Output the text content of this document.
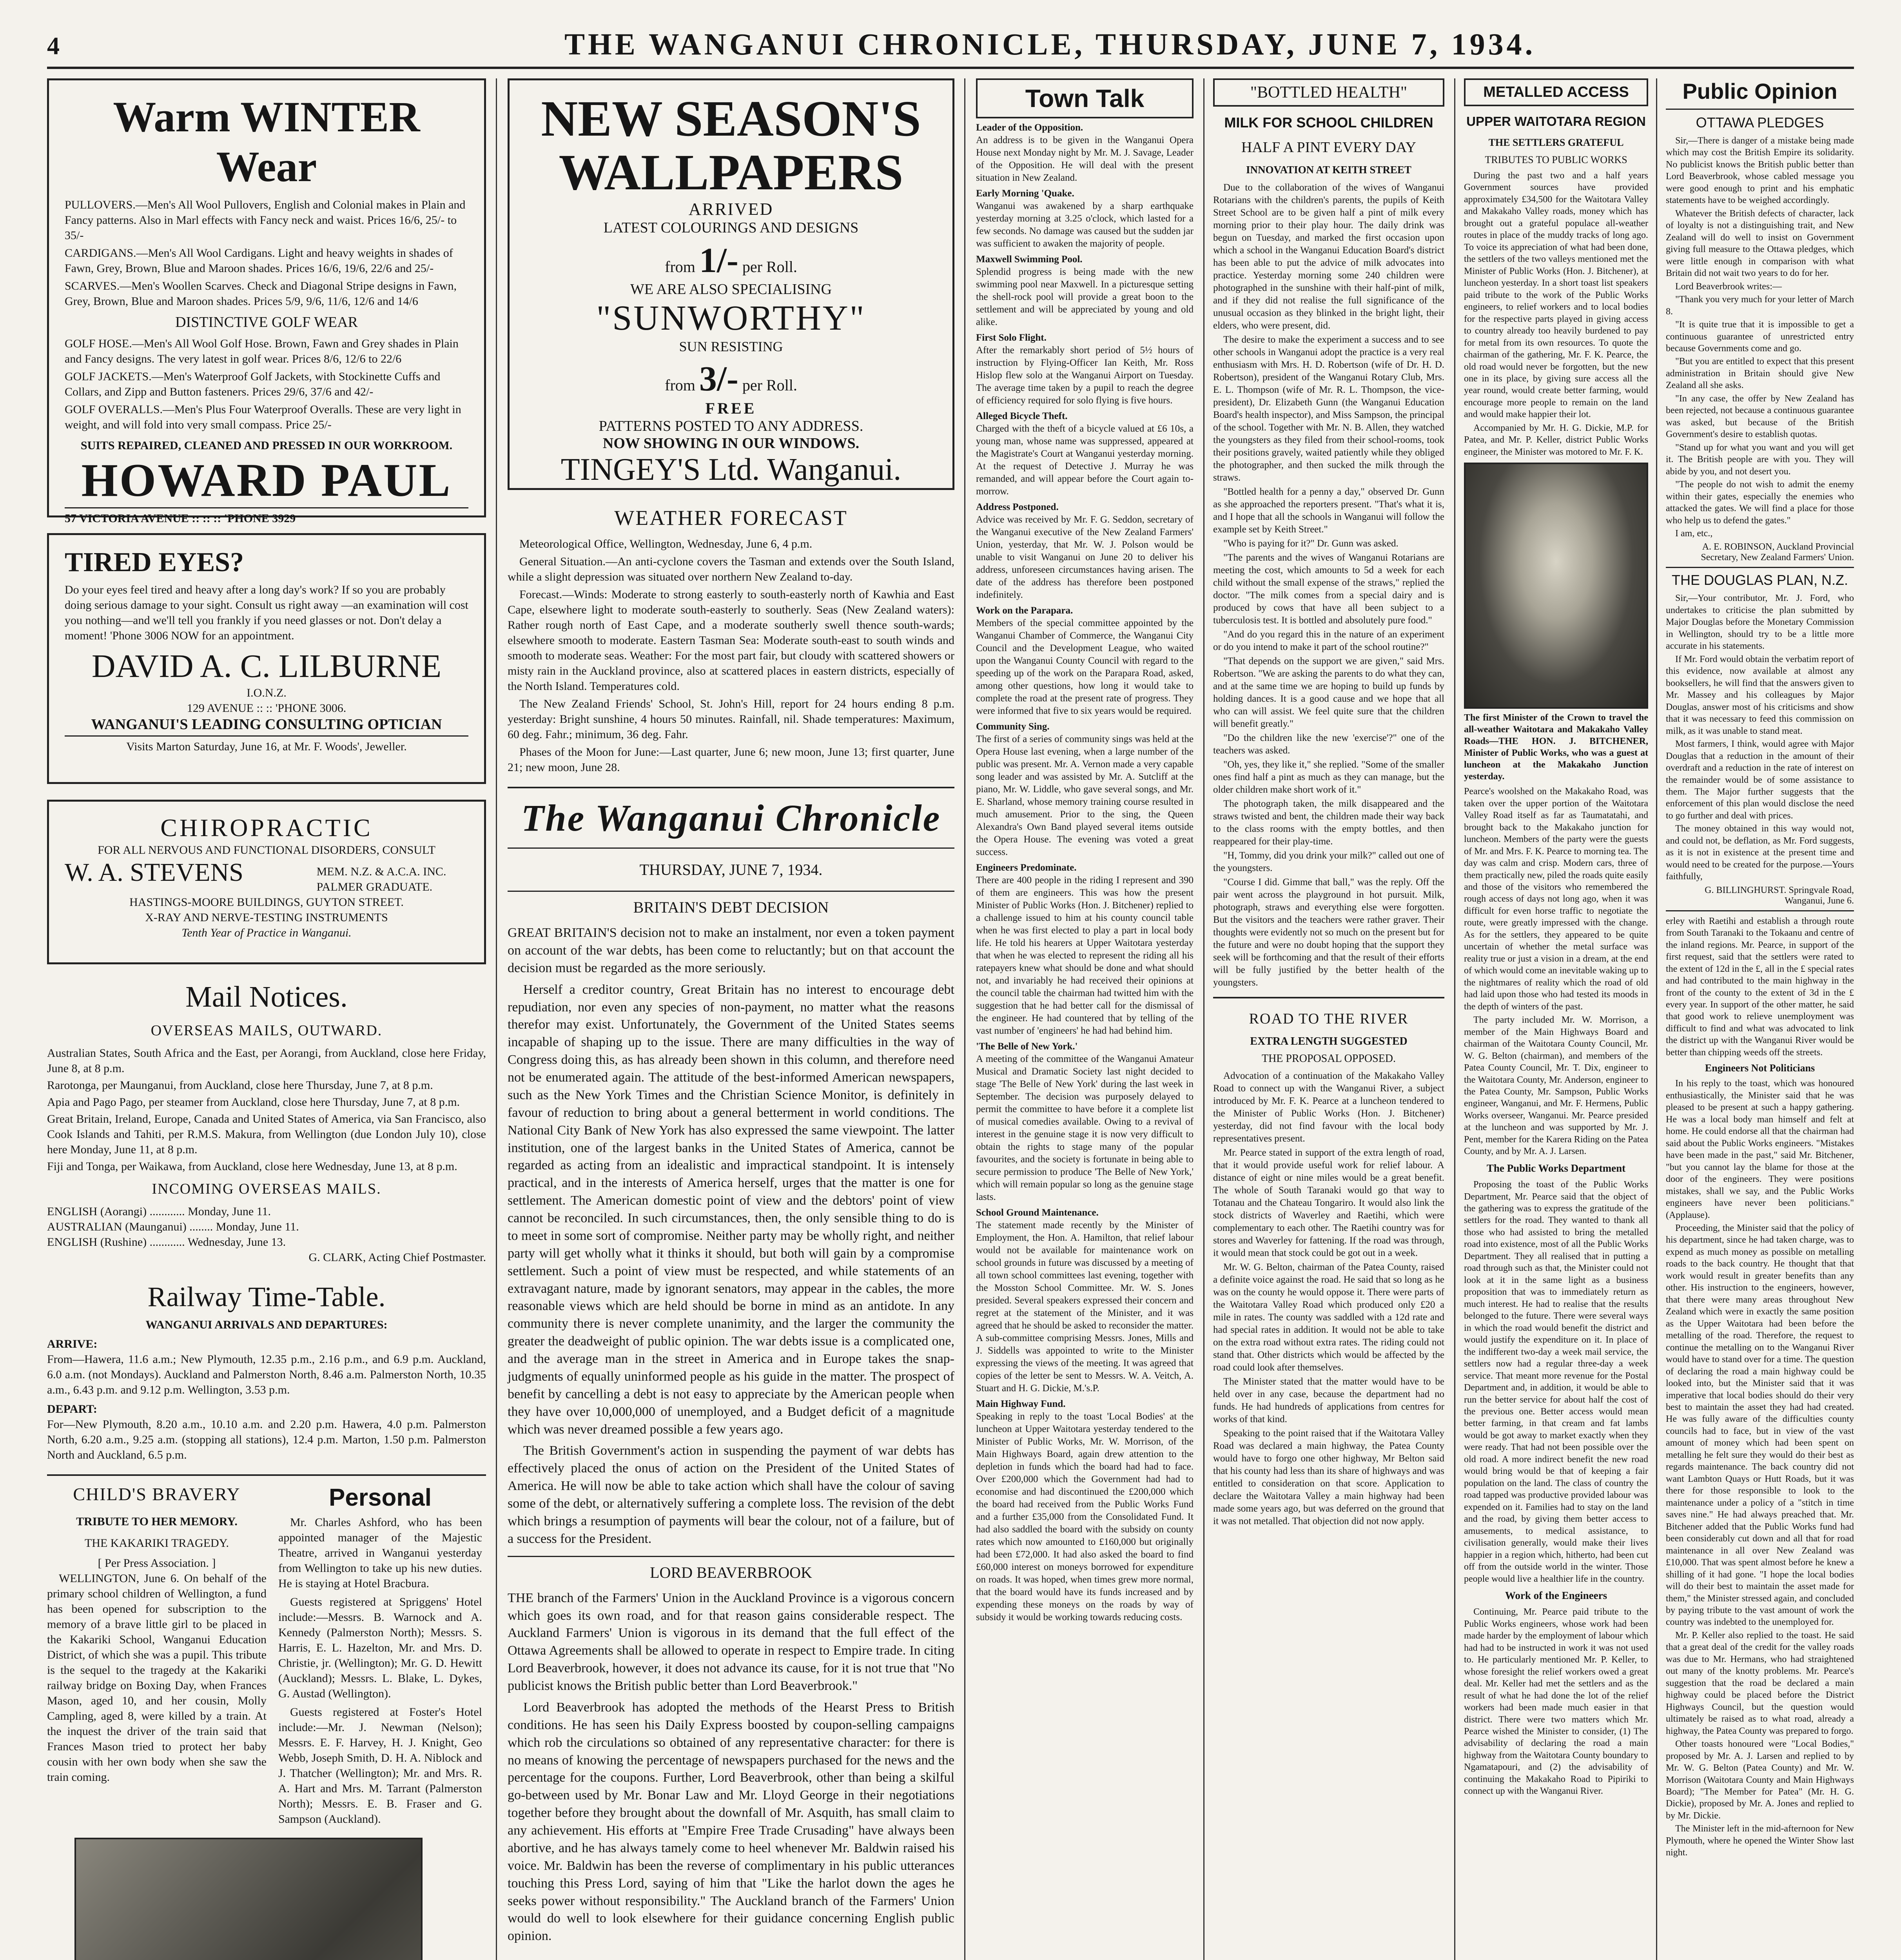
4	THE WANGANUI CHRONICLE, THURSDAY, JUNE 7, 1934.
Warm WINTER Wear

PULLOVERS.—Men's All Wool Pullovers, English and Colonial makes in Plain and Fancy patterns. Also in Marl effects with Fancy neck and waist. Prices 16/6, 25/- to 35/-

CARDIGANS.—Men's All Wool Cardigans. Light and heavy weights in shades of Fawn, Grey, Brown, Blue and Maroon shades. Prices 16/6, 19/6, 22/6 and 25/-

SCARVES.—Men's Woollen Scarves. Check and Diagonal Stripe designs in Fawn, Grey, Brown, Blue and Maroon shades. Prices 5/9, 9/6, 11/6, 12/6 and 14/6

DISTINCTIVE GOLF WEAR

GOLF HOSE.—Men's All Wool Golf Hose. Brown, Fawn and Grey shades in Plain and Fancy designs. The very latest in golf wear. Prices 8/6, 12/6 to 22/6

GOLF JACKETS.—Men's Waterproof Golf Jackets, with Stockinette Cuffs and Collars, and Zipp and Button fasteners. Prices 29/6, 37/6 and 42/-

GOLF OVERALLS.—Men's Plus Four Waterproof Overalls. These are very light in weight, and will fold into very small compass. Price 25/-

SUITS REPAIRED, CLEANED AND PRESSED IN OUR WORKROOM.
HOWARD PAUL
57 VICTORIA AVENUE :: :: :: 'PHONE 3929
TIRED EYES?
Do your eyes feel tired and heavy after a long day's work? If so you are probably doing serious damage to your sight. Consult us right away —an examination will cost you nothing—and we'll tell you frankly if you need glasses or not. Don't delay a moment! 'Phone 3006 NOW for an appointment.
DAVID A. C. LILBURNE
I.O.N.Z.
129 AVENUE :: :: 'PHONE 3006.
WANGANUI'S LEADING CONSULTING OPTICIAN
Visits Marton Saturday, June 16, at Mr. F. Woods', Jeweller.
CHIROPRACTIC
FOR ALL NERVOUS AND FUNCTIONAL DISORDERS, CONSULT
W. A. STEVENS	MEM. N.Z. & A.C.A. INC. PALMER GRADUATE.
HASTINGS-MOORE BUILDINGS, GUYTON STREET.
X-RAY AND NERVE-TESTING INSTRUMENTS
Tenth Year of Practice in Wanganui.
Mail Notices.
OVERSEAS MAILS, OUTWARD.

Australian States, South Africa and the East, per Aorangi, from Auckland, close here Friday, June 8, at 8 p.m.

Rarotonga, per Maunganui, from Auckland, close here Thursday, June 7, at 8 p.m.

Apia and Pago Pago, per steamer from Auckland, close here Thursday, June 7, at 8 p.m.

Great Britain, Ireland, Europe, Canada and United States of America, via San Francisco, also Cook Islands and Tahiti, per R.M.S. Makura, from Wellington (due London July 10), close here Monday, June 11, at 8 p.m.

Fiji and Tonga, per Waikawa, from Auckland, close here Wednesday, June 13, at 8 p.m.

INCOMING OVERSEAS MAILS.
ENGLISH (Aorangi) ............ Monday, June 11.
AUSTRALIAN (Maunganui) ........ Monday, June 11.
ENGLISH (Rushine) ............ Wednesday, June 13.
G. CLARK, Acting Chief Postmaster.
Railway Time-Table.
WANGANUI ARRIVALS AND DEPARTURES:
ARRIVE:
From—Hawera, 11.6 a.m.; New Plymouth, 12.35 p.m., 2.16 p.m., and 6.9 p.m. Auckland, 6.0 a.m. (not Mondays). Auckland and Palmerston North, 8.46 a.m. Palmerston North, 10.35 a.m., 6.43 p.m. and 9.12 p.m. Wellington, 3.53 p.m.
DEPART:
For—New Plymouth, 8.20 a.m., 10.10 a.m. and 2.20 p.m. Hawera, 4.0 p.m. Palmerston North, 6.20 a.m., 9.25 a.m. (stopping all stations), 12.4 p.m. Marton, 1.50 p.m. Palmerston North and Auckland, 6.5 p.m.
CHILD'S BRAVERY
TRIBUTE TO HER MEMORY.
THE KAKARIKI TRAGEDY.
[ Per Press Association. ]
WELLINGTON, June 6. On behalf of the primary school children of Wellington, a fund has been opened for subscription to the memory of a brave little girl to be placed in the Kakariki School, Wanganui Education District, of which she was a pupil. This tribute is the sequel to the tragedy at the Kakariki railway bridge on Boxing Day, when Frances Mason, aged 10, and her cousin, Molly Campling, aged 8, were killed by a train. At the inquest the driver of the train said that Frances Mason tried to protect her baby cousin with her own body when she saw the train coming.
Personal

Mr. Charles Ashford, who has been appointed manager of the Majestic Theatre, arrived in Wanganui yesterday from Wellington to take up his new duties. He is staying at Hotel Bracbura.

Guests registered at Spriggens' Hotel include:—Messrs. B. Warnock and A. Kennedy (Palmerston North); Messrs. S. Harris, E. L. Hazelton, Mr. and Mrs. D. Christie, jr. (Wellington); Mr. G. D. Hewitt (Auckland); Messrs. L. Blake, L. Dykes, G. Austad (Wellington).

Guests registered at Foster's Hotel include:—Mr. J. Newman (Nelson); Messrs. E. F. Harvey, H. J. Knight, Geo Webb, Joseph Smith, D. H. A. Niblock and J. Thatcher (Wellington); Mr. and Mrs. R. A. Hart and Mrs. M. Tarrant (Palmerston North); Messrs. E. B. Fraser and G. Sampson (Auckland).

NEW SEASON'S WALLPAPERS
ARRIVED
LATEST COLOURINGS AND DESIGNS
from 1/- per Roll.
WE ARE ALSO SPECIALISING
"SUNWORTHY"
SUN RESISTING
from 3/- per Roll.
FREE
PATTERNS POSTED TO ANY ADDRESS.
NOW SHOWING IN OUR WINDOWS.
TINGEY'S Ltd. Wanganui.
WEATHER FORECAST

Meteorological Office, Wellington, Wednesday, June 6, 4 p.m.

General Situation.—An anti-cyclone covers the Tasman and extends over the South Island, while a slight depression was situated over northern New Zealand to-day.

Forecast.—Winds: Moderate to strong easterly to south-easterly north of Kawhia and East Cape, elsewhere light to moderate south-easterly to southerly. Seas (New Zealand waters): Rather rough north of East Cape, and a moderate southerly swell thence south-wards; elsewhere smooth to moderate. Eastern Tasman Sea: Moderate south-east to south winds and smooth to moderate seas. Weather: For the most part fair, but cloudy with scattered showers or misty rain in the Auckland province, also at scattered places in eastern districts, especially of the North Island. Temperatures cold.

The New Zealand Friends' School, St. John's Hill, report for 24 hours ending 8 p.m. yesterday: Bright sunshine, 4 hours 50 minutes. Rainfall, nil. Shade temperatures: Maximum, 60 deg. Fahr.; minimum, 36 deg. Fahr.

Phases of the Moon for June:—Last quarter, June 6; new moon, June 13; first quarter, June 21; new moon, June 28.

The Wanganui Chronicle
THURSDAY, JUNE 7, 1934.
BRITAIN'S DEBT DECISION

GREAT BRITAIN'S decision not to make an instalment, nor even a token payment on account of the war debts, has been come to reluctantly; but on that account the decision must be regarded as the more seriously.

Herself a creditor country, Great Britain has no interest to encourage debt repudiation, nor even any species of non-payment, no matter what the reasons therefor may exist. Unfortunately, the Government of the United States seems incapable of shaping up to the issue. There are many difficulties in the way of Congress doing this, as has already been shown in this column, and therefore need not be enumerated again. The attitude of the best-informed American newspapers, such as the New York Times and the Christian Science Monitor, is definitely in favour of reduction to bring about a general betterment in world conditions. The National City Bank of New York has also expressed the same viewpoint. The latter institution, one of the largest banks in the United States of America, cannot be regarded as acting from an idealistic and impractical standpoint. It is intensely practical, and in the interests of America herself, urges that the matter is one for settlement. The American domestic point of view and the debtors' point of view cannot be reconciled. In such circumstances, then, the only sensible thing to do is to meet in some sort of compromise. Neither party may be wholly right, and neither party will get wholly what it thinks it should, but both will gain by a compromise settlement. Such a point of view must be respected, and while statements of an extravagant nature, made by ignorant senators, may appear in the cables, the more reasonable views which are held should be borne in mind as an antidote. In any community there is never complete unanimity, and the larger the community the greater the deadweight of public opinion. The war debts issue is a complicated one, and the average man in the street in America and in Europe takes the snap-judgments of equally uninformed people as his guide in the matter. The prospect of benefit by cancelling a debt is not easy to appreciate by the American people when they have over 10,000,000 of unemployed, and a Budget deficit of a magnitude which was never dreamed possible a few years ago.

The British Government's action in suspending the payment of war debts has effectively placed the onus of action on the President of the United States of America. He will now be able to take action which shall have the colour of saving some of the debt, or alternatively suffering a complete loss. The revision of the debt which brings a resumption of payments will bear the colour, not of a failure, but of a success for the President.

LORD BEAVERBROOK

THE branch of the Farmers' Union in the Auckland Province is a vigorous concern which goes its own road, and for that reason gains considerable respect. The Auckland Farmers' Union is vigorous in its demand that the full effect of the Ottawa Agreements shall be allowed to operate in respect to Empire trade. In citing Lord Beaverbrook, however, it does not advance its cause, for it is not true that "No publicist knows the British public better than Lord Beaverbrook."

Lord Beaverbrook has adopted the methods of the Hearst Press to British conditions. He has seen his Daily Express boosted by coupon-selling campaigns which rob the circulations so obtained of any representative character: for there is no means of knowing the percentage of newspapers purchased for the news and the percentage for the coupons. Further, Lord Beaverbrook, other than being a skilful go-between used by Mr. Bonar Law and Mr. Lloyd George in their negotiations together before they brought about the downfall of Mr. Asquith, has small claim to any achievement. His efforts at "Empire Free Trade Crusading" have always been abortive, and he has always tamely come to heel whenever Mr. Baldwin raised his voice. Mr. Baldwin has been the reverse of complimentary in his public utterances touching this Press Lord, saying of him that "Like the harlot down the ages he seeks power without responsibility." The Auckland branch of the Farmers' Union would do well to look elsewhere for their guidance concerning English public opinion.

Town Talk
Leader of the Opposition.
An address is to be given in the Wanganui Opera House next Monday night by Mr. M. J. Savage, Leader of the Opposition. He will deal with the present situation in New Zealand.
Early Morning 'Quake.
Wanganui was awakened by a sharp earthquake yesterday morning at 3.25 o'clock, which lasted for a few seconds. No damage was caused but the sudden jar was sufficient to awaken the majority of people.
Maxwell Swimming Pool.
Splendid progress is being made with the new swimming pool near Maxwell. In a picturesque setting the shell-rock pool will provide a great boon to the settlement and will be appreciated by young and old alike.
First Solo Flight.
After the remarkably short period of 5½ hours of instruction by Flying-Officer Ian Keith, Mr. Ross Hislop flew solo at the Wanganui Airport on Tuesday. The average time taken by a pupil to reach the degree of efficiency required for solo flying is five hours.
Alleged Bicycle Theft.
Charged with the theft of a bicycle valued at £6 10s, a young man, whose name was suppressed, appeared at the Magistrate's Court at Wanganui yesterday morning. At the request of Detective J. Murray he was remanded, and will appear before the Court again to-morrow.
Address Postponed.
Advice was received by Mr. F. G. Seddon, secretary of the Wanganui executive of the New Zealand Farmers' Union, yesterday, that Mr. W. J. Polson would be unable to visit Wanganui on June 20 to deliver his address, unforeseen circumstances having arisen. The date of the address has therefore been postponed indefinitely.
Work on the Parapara.
Members of the special committee appointed by the Wanganui Chamber of Commerce, the Wanganui City Council and the Development League, who waited upon the Wanganui County Council with regard to the speeding up of the work on the Parapara Road, asked, among other questions, how long it would take to complete the road at the present rate of progress. They were informed that five to six years would be required.
Community Sing.
The first of a series of community sings was held at the Opera House last evening, when a large number of the public was present. Mr. A. Vernon made a very capable song leader and was assisted by Mr. A. Sutcliff at the piano, Mr. W. Liddle, who gave several songs, and Mr. E. Sharland, whose memory training course resulted in much amusement. Prior to the sing, the Queen Alexandra's Own Band played several items outside the Opera House. The evening was voted a great success.
Engineers Predominate.
There are 400 people in the riding I represent and 390 of them are engineers. This was how the present Minister of Public Works (Hon. J. Bitchener) replied to a challenge issued to him at his county council table when he was first elected to play a part in local body life. He told his hearers at Upper Waitotara yesterday that when he was elected to represent the riding all his ratepayers knew what should be done and what should not, and invariably he had received their opinions at the council table the chairman had twitted him with the suggestion that he had better call for the dismissal of the engineer. He had countered that by telling of the vast number of 'engineers' he had had behind him.
'The Belle of New York.'
A meeting of the committee of the Wanganui Amateur Musical and Dramatic Society last night decided to stage 'The Belle of New York' during the last week in September. The decision was purposely delayed to permit the committee to have before it a complete list of musical comedies available. Owing to a revival of interest in the genuine stage it is now very difficult to obtain the rights to stage many of the popular favourites, and the society is fortunate in being able to secure permission to produce 'The Belle of New York,' which will remain popular so long as the genuine stage lasts.
School Ground Maintenance.
The statement made recently by the Minister of Employment, the Hon. A. Hamilton, that relief labour would not be available for maintenance work on school grounds in future was discussed by a meeting of all town school committees last evening, together with the Mosston School Committee. Mr. W. S. Jones presided. Several speakers expressed their concern and regret at the statement of the Minister, and it was agreed that he should be asked to reconsider the matter. A sub-committee comprising Messrs. Jones, Mills and J. Siddells was appointed to write to the Minister expressing the views of the meeting. It was agreed that copies of the letter be sent to Messrs. W. A. Veitch, A. Stuart and H. G. Dickie, M.'s.P.
Main Highway Fund.
Speaking in reply to the toast 'Local Bodies' at the luncheon at Upper Waitotara yesterday tendered to the Minister of Public Works, Mr. W. Morrison, of the Main Highways Board, again drew attention to the depletion in funds which the board had had to face. Over £200,000 which the Government had had to economise and had discontinued the £200,000 which the board had received from the Public Works Fund and a further £35,000 from the Consolidated Fund. It had also saddled the board with the subsidy on county rates which now amounted to £160,000 but originally had been £72,000. It had also asked the board to find £60,000 interest on moneys borrowed for expenditure on roads. It was hoped, when times grew more normal, that the board would have its funds increased and by expending these moneys on the roads by way of subsidy it would be working towards reducing costs.
"BOTTLED HEALTH"
MILK FOR SCHOOL CHILDREN
HALF A PINT EVERY DAY
INNOVATION AT KEITH STREET

Due to the collaboration of the wives of Wanganui Rotarians with the children's parents, the pupils of Keith Street School are to be given half a pint of milk every morning prior to their play hour. The daily drink was begun on Tuesday, and marked the first occasion upon which a school in the Wanganui Education Board's district has been able to put the advice of milk advocates into practice. Yesterday morning some 240 children were photographed in the sunshine with their half-pint of milk, and if they did not realise the full significance of the unusual occasion as they blinked in the bright light, their elders, who were present, did.

The desire to make the experiment a success and to see other schools in Wanganui adopt the practice is a very real enthusiasm with Mrs. H. D. Robertson (wife of Dr. H. D. Robertson), president of the Wanganui Rotary Club, Mrs. E. L. Thompson (wife of Mr. R. L. Thompson, the vice-president), Dr. Elizabeth Gunn (the Wanganui Education Board's health inspector), and Miss Sampson, the principal of the school. Together with Mr. N. B. Allen, they watched the youngsters as they filed from their school-rooms, took their positions gravely, waited patiently while they obliged the photographer, and then sucked the milk through the straws.

"Bottled health for a penny a day," observed Dr. Gunn as she approached the reporters present. "That's what it is, and I hope that all the schools in Wanganui will follow the example set by Keith Street."

"Who is paying for it?" Dr. Gunn was asked.

"The parents and the wives of Wanganui Rotarians are meeting the cost, which amounts to 5d a week for each child without the small expense of the straws," replied the doctor. "The milk comes from a special dairy and is produced by cows that have all been subject to a tuberculosis test. It is bottled and absolutely pure food."

"And do you regard this in the nature of an experiment or do you intend to make it part of the school routine?"

"That depends on the support we are given," said Mrs. Robertson. "We are asking the parents to do what they can, and at the same time we are hoping to build up funds by holding dances. It is a good cause and we hope that all who can will assist. We feel quite sure that the children will benefit greatly."

"Do the children like the new 'exercise'?" one of the teachers was asked.

"Oh, yes, they like it," she replied. "Some of the smaller ones find half a pint as much as they can manage, but the older children make short work of it."

The photograph taken, the milk disappeared and the straws twisted and bent, the children made their way back to the class rooms with the empty bottles, and then reappeared for their play-time.

"H, Tommy, did you drink your milk?" called out one of the youngsters.

"Course I did. Gimme that ball," was the reply. Off the pair went across the playground in hot pursuit. Milk, photograph, straws and everything else were forgotten. But the visitors and the teachers were rather graver. Their thoughts were evidently not so much on the present but for the future and were no doubt hoping that the support they seek will be forthcoming and that the result of their efforts will be fully justified by the better health of the youngsters.

ROAD TO THE RIVER
EXTRA LENGTH SUGGESTED
THE PROPOSAL OPPOSED.

Advocation of a continuation of the Makakaho Valley Road to connect up with the Wanganui River, a subject introduced by Mr. F. K. Pearce at a luncheon tendered to the Minister of Public Works (Hon. J. Bitchener) yesterday, did not find favour with the local body representatives present.

Mr. Pearce stated in support of the extra length of road, that it would provide useful work for relief labour. A distance of eight or nine miles would be a great benefit. The whole of South Taranaki would go that way to Totanau and the Chateau Tongariro. It would also link the stock districts of Waverley and Raetihi, which were complementary to each other. The Raetihi country was for stores and Waverley for fattening. If the road was through, it would mean that stock could be got out in a week.

Mr. W. G. Belton, chairman of the Patea County, raised a definite voice against the road. He said that so long as he was on the county he would oppose it. There were parts of the Waitotara Valley Road which produced only £20 a mile in rates. The county was saddled with a 12d rate and had special rates in addition. It would not be able to take on the extra road without extra rates. The riding could not stand that. Other districts which would be affected by the road could look after themselves.

The Minister stated that the matter would have to be held over in any case, because the department had no funds. He had hundreds of applications from centres for works of that kind.

Speaking to the point raised that if the Waitotara Valley Road was declared a main highway, the Patea County would have to forgo one other highway, Mr Belton said that his county had less than its share of highways and was entitled to consideration on that score. Application to declare the Waitotara Valley a main highway had been made some years ago, but was deferred on the ground that it was not metalled. That objection did not now apply.

METALLED ACCESS
UPPER WAITOTARA REGION
THE SETTLERS GRATEFUL
TRIBUTES TO PUBLIC WORKS

During the past two and a half years Government sources have provided approximately £34,500 for the Waitotara Valley and Makakaho Valley roads, money which has brought out a grateful populace all-weather routes in place of the muddy tracks of long ago. To voice its appreciation of what had been done, the settlers of the two valleys mentioned met the Minister of Public Works (Hon. J. Bitchener), at luncheon yesterday. In a short toast list speakers paid tribute to the work of the Public Works engineers, to relief workers and to local bodies for the respective parts played in giving access to country already too heavily burdened to pay for metal from its own resources. To quote the chairman of the gathering, Mr. F. K. Pearce, the old road would never be forgotten, but the new one in its place, by giving sure access all the year round, would create better farming, would encourage more people to remain on the land and would make happier their lot.

Accompanied by Mr. H. G. Dickie, M.P. for Patea, and Mr. P. Keller, district Public Works engineer, the Minister was motored to Mr. F. K.

The first Minister of the Crown to travel the all-weather Waitotara and Makakaho Valley Roads—THE HON. J. BITCHENER, Minister of Public Works, who was a guest at luncheon at the Makakaho Junction yesterday.

Pearce's woolshed on the Makakaho Road, was taken over the upper portion of the Waitotara Valley Road itself as far as Taumatatahi, and brought back to the Makakaho junction for luncheon. Members of the party were the guests of Mr. and Mrs. F. K. Pearce to morning tea. The day was calm and crisp. Modern cars, three of them practically new, piled the roads quite easily and those of the visitors who remembered the rough access of days not long ago, when it was difficult for even horse traffic to negotiate the route, were greatly impressed with the change. As for the settlers, they appeared to be quite uncertain of whether the metal surface was reality true or just a vision in a dream, at the end of which would come an inevitable waking up to the nightmares of reality which the road of old had laid upon those who had tested its moods in the depth of winters of the past.

The party included Mr. W. Morrison, a member of the Main Highways Board and chairman of the Waitotara County Council, Mr. W. G. Belton (chairman), and members of the Patea County Council, Mr. T. Dix, engineer to the Waitotara County, Mr. Anderson, engineer to the Patea County, Mr. Sampson, Public Works engineer, Wanganui, and Mr. F. Hermens, Public Works overseer, Wanganui. Mr. Pearce presided at the luncheon and was supported by Mr. J. Pent, member for the Karera Riding on the Patea County, and by Mr. A. J. Larsen.

The Public Works Department

Proposing the toast of the Public Works Department, Mr. Pearce said that the object of the gathering was to express the gratitude of the settlers for the road. They wanted to thank all those who had assisted to bring the metalled road into existence, most of all the Public Works Department. They all realised that in putting a road through such as that, the Minister could not look at it in the same light as a business proposition that was to immediately return as much interest. He had to realise that the results belonged to the future. There were several ways in which the road would benefit the district and would justify the expenditure on it. In place of the indifferent two-day a week mail service, the settlers now had a regular three-day a week service. That meant more revenue for the Postal Department and, in addition, it would be able to run the better service for about half the cost of the previous one. Better access would mean better farming, in that cream and fat lambs would be got away to market exactly when they were ready. That had not been possible over the old road. A more indirect benefit the new road would bring would be that of keeping a fair population on the land. The class of country the road tapped was productive provided labour was expended on it. Families had to stay on the land and the road, by giving them better access to amusements, to medical assistance, to civilisation generally, would make their lives happier in a region which, hitherto, had been cut off from the outside world in the winter. Those people would live a healthier life in the country.

Work of the Engineers

Continuing, Mr. Pearce paid tribute to the Public Works engineers, whose work had been made harder by the employment of labour which had had to be instructed in work it was not used to. He particularly mentioned Mr. P. Keller, to whose foresight the relief workers owed a great deal. Mr. Keller had met the settlers and as the result of what he had done the lot of the relief workers had been made much easier in that district. There were two matters which Mr. Pearce wished the Minister to consider, (1) The advisability of declaring the road a main highway from the Waitotara County boundary to Ngamatapouri, and (2) the advisability of continuing the Makakaho Road to Pipiriki to connect up with the Wanganui River.

Public Opinion
OTTAWA PLEDGES

Sir,—There is danger of a mistake being made which may cost the British Empire its solidarity. No publicist knows the British public better than Lord Beaverbrook, whose cabled message you were good enough to print and his emphatic statements have to be weighed accordingly.

Whatever the British defects of character, lack of loyalty is not a distinguishing trait, and New Zealand will do well to insist on Government giving full measure to the Ottawa pledges, which were little enough in comparison with what Britain did not wait two years to do for her.

Lord Beaverbrook writes:—

"Thank you very much for your letter of March 8.

"It is quite true that it is impossible to get a continuous guarantee of unrestricted entry because Governments come and go.

"But you are entitled to expect that this present administration in Britain should give New Zealand all she asks.

"In any case, the offer by New Zealand has been rejected, not because a continuous guarantee was asked, but because of the British Government's desire to establish quotas.

"Stand up for what you want and you will get it. The British people are with you. They will abide by you, and not desert you.

"The people do not wish to admit the enemy within their gates, especially the enemies who attacked the gates. We will find a place for those who help us to defend the gates."

I am, etc.,

A. E. ROBINSON, Auckland Provincial Secretary, New Zealand Farmers' Union.
THE DOUGLAS PLAN, N.Z.

Sir,—Your contributor, Mr. J. Ford, who undertakes to criticise the plan submitted by Major Douglas before the Monetary Commission in Wellington, should try to be a little more accurate in his statements.

If Mr. Ford would obtain the verbatim report of this evidence, now available at almost any booksellers, he will find that the answers given to Mr. Massey and his colleagues by Major Douglas, answer most of his criticisms and show that it was necessary to feed this commission on milk, as it was unable to stand meat.

Most farmers, I think, would agree with Major Douglas that a reduction in the amount of their overdraft and a reduction in the rate of interest on the remainder would be of some assistance to them. The Major further suggests that the enforcement of this plan would disclose the need to go further and deal with prices.

The money obtained in this way would not, and could not, be deflation, as Mr. Ford suggests, as it is not in existence at the present time and would need to be created for the purpose.—Yours faithfully,

G. BILLINGHURST. Springvale Road, Wanganui, June 6.

erley with Raetihi and establish a through route from South Taranaki to the Tokaanu and centre of the inland regions. Mr. Pearce, in support of the first request, said that the settlers were rated to the extent of 12d in the £, all in the £ special rates and had contributed to the main highway in the front of the county to the extent of 3d in the £ every year. In support of the other matter, he said that good work to relieve unemployment was difficult to find and what was advocated to link the district up with the Wanganui River would be better than chipping weeds off the streets.

Engineers Not Politicians

In his reply to the toast, which was honoured enthusiastically, the Minister said that he was pleased to be present at such a happy gathering. He was a local body man himself and felt at home. He could endorse all that the chairman had said about the Public Works engineers. "Mistakes have been made in the past," said Mr. Bitchener, "but you cannot lay the blame for those at the door of the engineers. They were positions mistakes, shall we say, and the Public Works engineers have never been politicians." (Applause).

Proceeding, the Minister said that the policy of his department, since he had taken charge, was to expend as much money as possible on metalling roads to the back country. He thought that that work would result in greater benefits than any other. His instruction to the engineers, however, that there were many areas throughout New Zealand which were in exactly the same position as the Upper Waitotara had been before the metalling of the road. Therefore, the request to continue the metalling on to the Wanganui River would have to stand over for a time. The question of declaring the road a main highway could be looked into, but the Minister said that it was imperative that local bodies should do their very best to maintain the asset they had had created. He was fully aware of the difficulties county councils had to face, but in view of the vast amount of money which had been spent on metalling he felt sure they would do their best as regards maintenance. The back country did not want Lambton Quays or Hutt Roads, but it was there for those responsible to look to the maintenance under a policy of a "stitch in time saves nine." He had always preached that. Mr. Bitchener added that the Public Works fund had been considerably cut down and all that for road maintenance in all over New Zealand was £10,000. That was spent almost before he knew a shilling of it had gone. "I hope the local bodies will do their best to maintain the asset made for them," the Minister stressed again, and concluded by paying tribute to the vast amount of work the country was indebted to the unemployed for.

Mr. P. Keller also replied to the toast. He said that a great deal of the credit for the valley roads was due to Mr. Hermans, who had straightened out many of the knotty problems. Mr. Pearce's suggestion that the road be declared a main highway could be placed before the District Highways Council, but the question would ultimately be raised as to what road, already a highway, the Patea County was prepared to forgo.

Other toasts honoured were "Local Bodies," proposed by Mr. A. J. Larsen and replied to by Mr. W. G. Belton (Patea County) and Mr. W. Morrison (Waitotara County and Main Highways Board); "The Member for Patea" (Mr. H. G. Dickie), proposed by Mr. A. Jones and replied to by Mr. Dickie.

The Minister left in the mid-afternoon for New Plymouth, where he opened the Winter Show last night.
